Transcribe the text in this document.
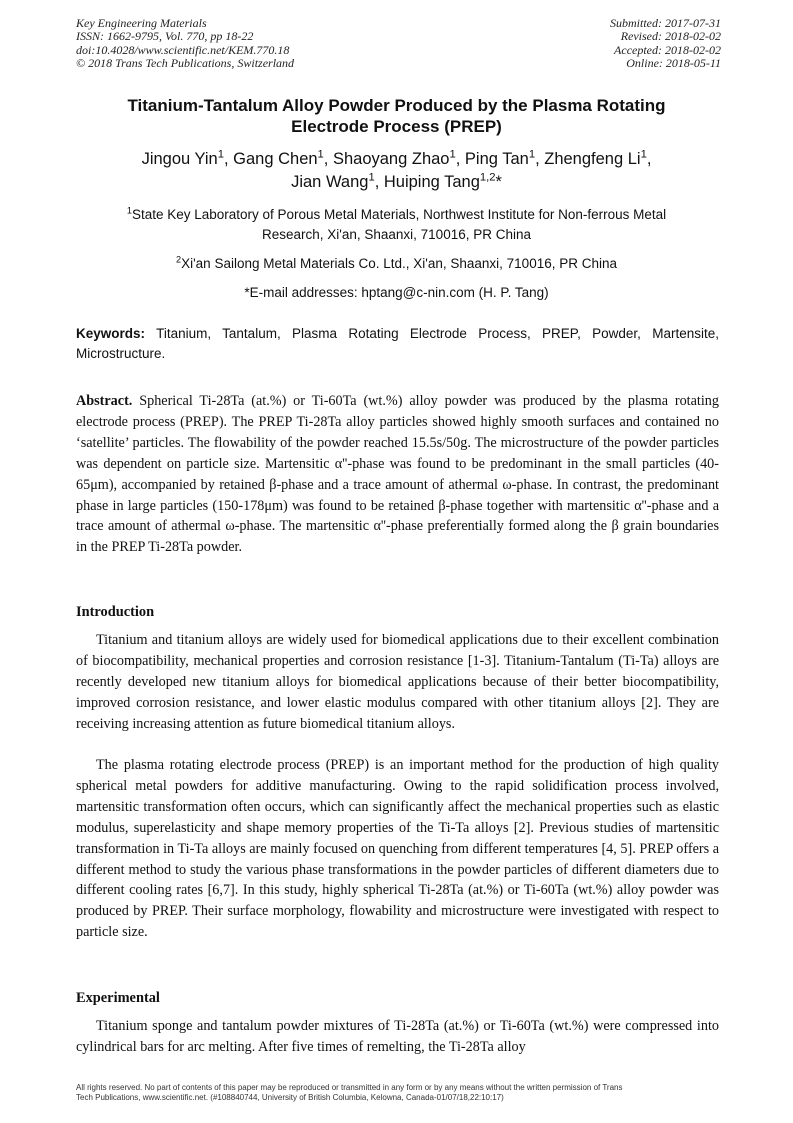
Key Engineering Materials
ISSN: 1662-9795, Vol. 770, pp 18-22
doi:10.4028/www.scientific.net/KEM.770.18
© 2018 Trans Tech Publications, Switzerland
Submitted: 2017-07-31
Revised: 2018-02-02
Accepted: 2018-02-02
Online: 2018-05-11
Titanium-Tantalum Alloy Powder Produced by the Plasma Rotating
Electrode Process (PREP)
Jingou Yin$^1$, Gang Chen$^1$, Shaoyang Zhao$^1$, Ping Tan$^1$, Zhengfeng Li$^1$,
Jian Wang$^1$, Huiping Tang$^{1,2}$*
$^1$State Key Laboratory of Porous Metal Materials, Northwest Institute for Non-ferrous Metal
Research, Xi'an, Shaanxi, 710016, PR China
$^2$Xi'an Sailong Metal Materials Co. Ltd., Xi'an, Shaanxi, 710016, PR China
*E-mail addresses: hptang@c-nin.com (H. P. Tang)
Keywords: Titanium, Tantalum, Plasma Rotating Electrode Process, PREP, Powder, Martensite, Microstructure.

Abstract. Spherical Ti-28Ta (at.%) or Ti-60Ta (wt.%) alloy powder was produced by the plasma rotating electrode process (PREP). The PREP Ti-28Ta alloy particles showed highly smooth surfaces and contained no ‘satellite’ particles. The flowability of the powder reached 15.5s/50g. The microstructure of the powder particles was dependent on particle size. Martensitic α''-phase was found to be predominant in the small particles (40-65μm), accompanied by retained β-phase and a trace amount of athermal ω-phase. In contrast, the predominant phase in large particles (150-178μm) was found to be retained β-phase together with martensitic α''-phase and a trace amount of athermal ω-phase. The martensitic α''-phase preferentially formed along the β grain boundaries in the PREP Ti-28Ta powder.

Introduction

Titanium and titanium alloys are widely used for biomedical applications due to their excellent combination of biocompatibility, mechanical properties and corrosion resistance [1-3]. Titanium-Tantalum (Ti-Ta) alloys are recently developed new titanium alloys for biomedical applications because of their better biocompatibility, improved corrosion resistance, and lower elastic modulus compared with other titanium alloys [2]. They are receiving increasing attention as future biomedical titanium alloys.

The plasma rotating electrode process (PREP) is an important method for the production of high quality spherical metal powders for additive manufacturing. Owing to the rapid solidification process involved, martensitic transformation often occurs, which can significantly affect the mechanical properties such as elastic modulus, superelasticity and shape memory properties of the Ti-Ta alloys [2]. Previous studies of martensitic transformation in Ti-Ta alloys are mainly focused on quenching from different temperatures [4, 5]. PREP offers a different method to study the various phase transformations in the powder particles of different diameters due to different cooling rates [6,7]. In this study, highly spherical Ti-28Ta (at.%) or Ti-60Ta (wt.%) alloy powder was produced by PREP. Their surface morphology, flowability and microstructure were investigated with respect to particle size.

Experimental

Titanium sponge and tantalum powder mixtures of Ti-28Ta (at.%) or Ti-60Ta (wt.%) were compressed into cylindrical bars for arc melting. After five times of remelting, the Ti-28Ta alloy

All rights reserved. No part of contents of this paper may be reproduced or transmitted in any form or by any means without the written permission of Trans
Tech Publications, www.scientific.net. (#108840744, University of British Columbia, Kelowna, Canada-01/07/18,22:10:17)
